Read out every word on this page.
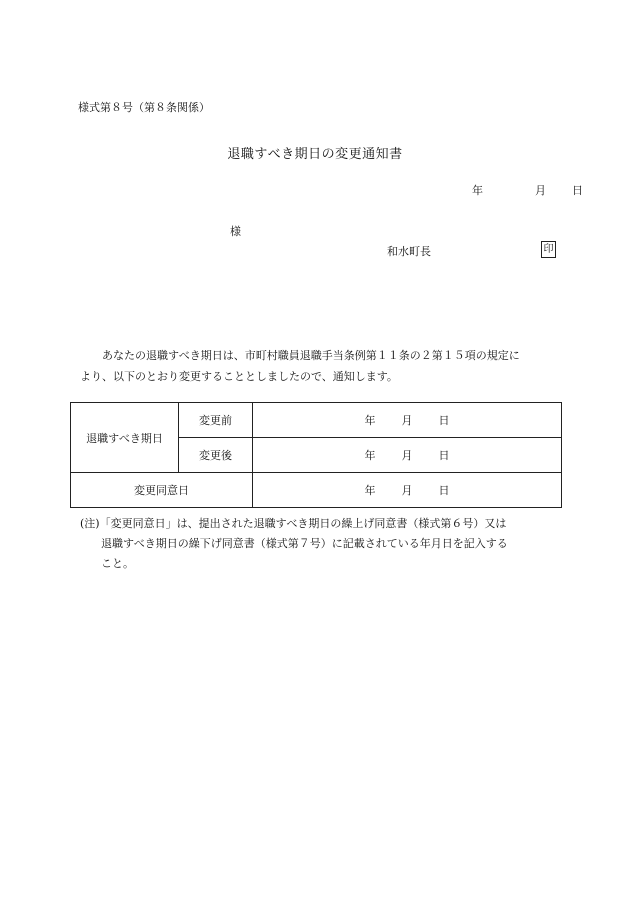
様式第８号（第８条関係）
退職すべき期日の変更通知書
年	月 日
様
和水町長	印
あなたの退職すべき期日は、市町村職員退職手当条例第１１条の２第１５項の規定に
より、以下のとおり変更することとしましたので、通知します。
退職すべき期日	変更前	年 月 日
	変更後	年 月 日
変更同意日		年 月 日
(注)「変更同意日」は、提出された退職すべき期日の繰上げ同意書（様式第６号）又は
退職すべき期日の繰下げ同意書（様式第７号）に記載されている年月日を記入する
こと。
